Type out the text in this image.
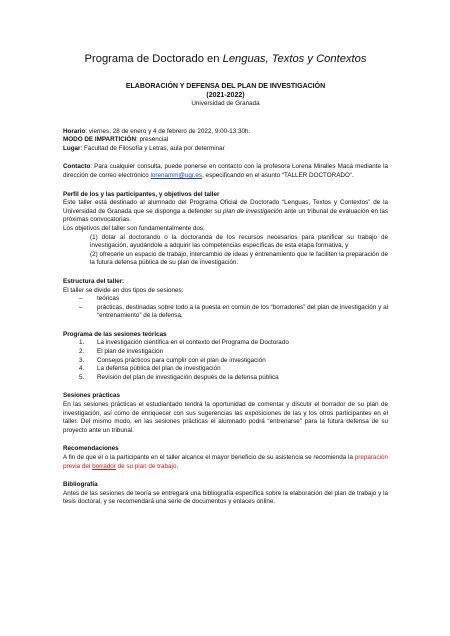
Programa de Doctorado en Lenguas, Textos y Contextos
ELABORACIÓN Y DEFENSA DEL PLAN DE INVESTIGACIÓN
(2021-2022)
Universidad de Granada

Horario: viernes, 28 de enero y 4 de febrero de 2022, 9:00-13:30h.

MODO DE IMPARTICIÓN: presencial

Lugar: Facultad de Filosofía y Letras, aula por determinar

Contacto: Para cualquier consulta, puede ponerse en contacto con la profesora Lorena Miralles Macá mediante la dirección de correo electrónico lorenamm@ugr.es, especificando en el asunto “TALLER DOCTORADO”.

Perfil de los y las participantes, y objetivos del taller

Este taller está destinado al alumnado del Programa Oficial de Doctorado “Lenguas, Textos y Contextos” de la Universidad de Granada que se disponga a defender su plan de investigación ante un tribunal de evaluación en las próximas convocatorias.

Los objetivos del taller son fundamentalmente dos:

(1) dotar al doctorando o la doctoranda de los recursos necesarios para planificar su trabajo de investigación, ayudándole a adquirir las competencias específicas de esta etapa formativa, y

(2) ofrecerle un espacio de trabajo, intercambio de ideas y entrenamiento que le faciliten la preparación de la futura defensa pública de su plan de investigación.

Estructura del taller:

El taller se divide en dos tipos de sesiones:

– teóricas
– prácticas, destinadas sobre todo a la puesta en común de los “borradores” del plan de investigación y al “entrenamiento” de la defensa.

Programa de las sesiones teóricas

1. La investigación científica en el contexto del Programa de Doctorado
2. El plan de investigación
3. Consejos prácticos para cumplir con el plan de investigación
4. La defensa pública del plan de investigación
5. Revisión del plan de investigación después de la defensa pública

Sesiones prácticas

En las sesiones prácticas el estudiantado tendrá la oportunidad de comentar y discutir el borrador de su plan de investigación, así como de enriquecer con sus sugerencias las exposiciones de las y los otros participantes en el taller. Del mismo modo, en las sesiones prácticas el alumnado podrá “entrenarse” para la futura defensa de su proyecto ante un tribunal.

Recomendaciones

A fin de que el o la participante en el taller alcance el mayor beneficio de su asistencia se recomienda la preparación previa del borrador de su plan de trabajo.

Bibliografía

Antes de las sesiones de teoría se entregará una bibliografía específica sobre la elaboración del plan de trabajo y la tesis doctoral, y se recomendará una serie de documentos y enlaces online.
